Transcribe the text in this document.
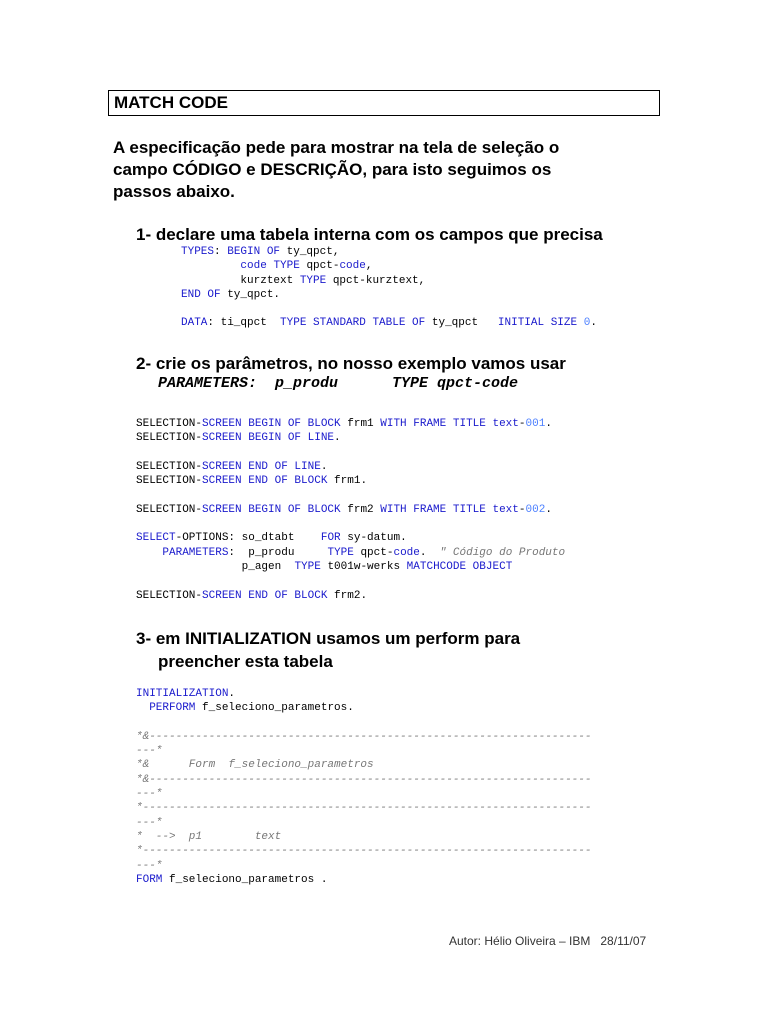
MATCH CODE
A especificação pede para mostrar na tela de seleção o
campo CÓDIGO e DESCRIÇÃO, para isto seguimos os
passos abaixo.
1- declare uma tabela interna com os campos que precisa
TYPES: BEGIN OF ty_qpct,
code TYPE qpct-code,
kurztext TYPE qpct-kurztext,
END OF ty_qpct.

DATA: ti_qpct  TYPE STANDARD TABLE OF ty_qpct   INITIAL SIZE 0.
2- crie os parâmetros, no nosso exemplo vamos usar
PARAMETERS:  p_produ      TYPE qpct-code
SELECTION-SCREEN BEGIN OF BLOCK frm1 WITH FRAME TITLE text-001.
SELECTION-SCREEN BEGIN OF LINE.

SELECTION-SCREEN END OF LINE.
SELECTION-SCREEN END OF BLOCK frm1.

SELECTION-SCREEN BEGIN OF BLOCK frm2 WITH FRAME TITLE text-002.

SELECT-OPTIONS: so_dtabt    FOR sy-datum.
PARAMETERS:  p_produ     TYPE qpct-code.  " Código do Produto
p_agen  TYPE t001w-werks MATCHCODE OBJECT

SELECTION-SCREEN END OF BLOCK frm2.
3- em INITIALIZATION usamos um perform para
preencher esta tabela
INITIALIZATION.
PERFORM f_seleciono_parametros.

*&-------------------------------------------------------------------
---*
*&      Form  f_seleciono_parametros
*&-------------------------------------------------------------------
---*
*--------------------------------------------------------------------
---*
*  -->  p1        text
*--------------------------------------------------------------------
---*
FORM f_seleciono_parametros .
Autor: Hélio Oliveira – IBM   28/11/07
